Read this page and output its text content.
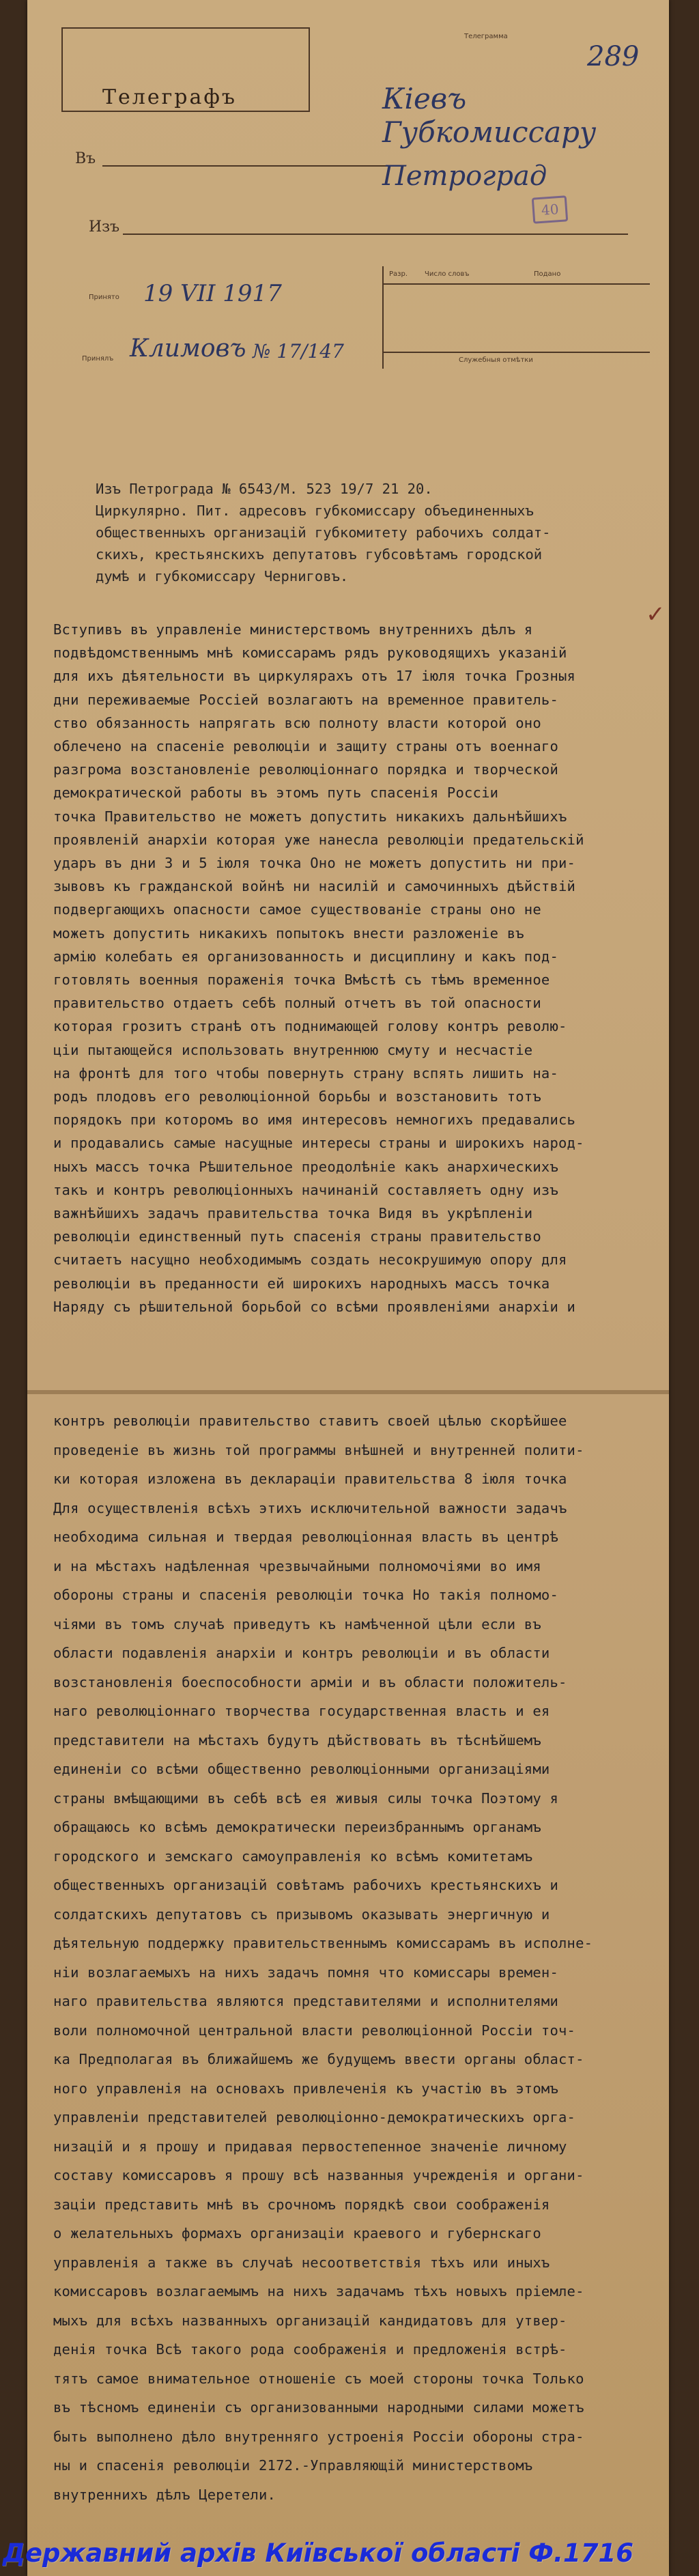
Телеграфъ
Телеграмма
289
Въ
Кiевъ Губкомиссару
Петроград
40
Изъ
Принято 19 VII 1917
Принялъ Климовъ № 17/147
Разр. Число словъ	Подано
Служебныя отмѣтки
Изъ Петрограда № 6543/М. 523 19/7 21 20.
Циркулярно. Пит. адресовъ губкомиссару объединенныхъ
общественныхъ организацiй губкомитету рабочихъ солдат-
скихъ, крестьянскихъ депутатовъ губсовѣтамъ городской
думѣ и губкомиссару Черниговъ.
✓
Вступивъ въ управленiе министерствомъ внутреннихъ дѣлъ я
подвѣдомственнымъ мнѣ комиссарамъ рядъ руководящихъ указанiй
для ихъ дѣятельности въ циркулярахъ отъ 17 iюля точка Грозныя
дни переживаемые Россiей возлагаютъ на временное правитель-
ство обязанность напрягать всю полноту власти которой оно
облечено на спасенiе революцiи и защиту страны отъ военнаго
разгрома возстановленiе революцiоннаго порядка и творческой
демократической работы въ этомъ путь спасенiя Россiи
точка Правительство не можетъ допустить никакихъ дальнѣйшихъ
проявленiй анархiи которая уже нанесла революцiи предательскiй
ударъ въ дни 3 и 5 iюля точка Оно не можетъ допустить ни при-
зывовъ къ гражданской войнѣ ни насилiй и самочинныхъ дѣйствiй
подвергающихъ опасности самое существованiе страны оно не
можетъ допустить никакихъ попытокъ внести разложенiе въ
армiю колебать ея организованность и дисциплину и какъ под-
готовлять военныя пораженiя точка Вмѣстѣ съ тѣмъ временное
правительство отдаетъ себѣ полный отчетъ въ той опасности
которая грозитъ странѣ отъ поднимающей голову контръ револю-
цiи пытающейся использовать внутреннюю смуту и несчастiе
на фронтѣ для того чтобы повернуть страну вспять лишить на-
родъ плодовъ его революцiонной борьбы и возстановить тотъ
порядокъ при которомъ во имя интересовъ немногихъ предавались
и продавались самые насущные интересы страны и широкихъ народ-
ныхъ массъ точка Рѣшительное преодолѣнiе какъ анархическихъ
такъ и контръ революцiонныхъ начинанiй составляетъ одну изъ
важнѣйшихъ задачъ правительства точка Видя въ укрѣпленiи
революцiи единственный путь спасенiя страны правительство
считаетъ насущно необходимымъ создать несокрушимую опору для
революцiи въ преданности ей широкихъ народныхъ массъ точка
Наряду съ рѣшительной борьбой со всѣми проявленiями анархiи и
контръ революцiи правительство ставитъ своей цѣлью скорѣйшее
проведенiе въ жизнь той программы внѣшней и внутренней полити-
ки которая изложена въ декларацiи правительства 8 iюля точка
Для осуществленiя всѣхъ этихъ исключительной важности задачъ
необходима сильная и твердая революцiонная власть въ центрѣ
и на мѣстахъ надѣленная чрезвычайными полномочiями во имя
обороны страны и спасенiя революцiи точка Но такiя полномо-
чiями въ томъ случаѣ приведутъ къ намѣченной цѣли если въ
области подавленiя анархiи и контръ революцiи и въ области
возстановленiя боеспособности армiи и въ области положитель-
наго революцiоннаго творчества государственная власть и ея
представители на мѣстахъ будутъ дѣйствовать въ тѣснѣйшемъ
единенiи со всѣми общественно революцiонными организацiями
страны вмѣщающими въ себѣ всѣ ея живыя силы точка Поэтому я
обращаюсь ко всѣмъ демократически переизбраннымъ органамъ
городского и земскаго самоуправленiя ко всѣмъ комитетамъ
общественныхъ организацiй совѣтамъ рабочихъ крестьянскихъ и
солдатскихъ депутатовъ съ призывомъ оказывать энергичную и
дѣятельную поддержку правительственнымъ комиссарамъ въ исполне-
нiи возлагаемыхъ на нихъ задачъ помня что комиссары времен-
наго правительства являются представителями и исполнителями
воли полномочной центральной власти революцiонной Россiи точ-
ка Предполагая въ ближайшемъ же будущемъ ввести органы област-
ного управленiя на основахъ привлеченiя къ участiю въ этомъ
управленiи представителей революцiонно-демократическихъ орга-
низацiй и я прошу и придавая первостепенное значенiе личному
составу комиссаровъ я прошу всѣ названныя учрежденiя и органи-
зацiи представить мнѣ въ срочномъ порядкѣ свои соображенiя
о желательныхъ формахъ организацiи краевого и губернскаго
управленiя а также въ случаѣ несоответствiя тѣхъ или иныхъ
комиссаровъ возлагаемымъ на нихъ задачамъ тѣхъ новыхъ прiемле-
мыхъ для всѣхъ названныхъ организацiй кандидатовъ для утвер-
денiя точка Всѣ такого рода соображенiя и предложенiя встрѣ-
тятъ самое внимательное отношенiе съ моей стороны точка Только
въ тѣсномъ единенiи съ организованными народными силами можетъ
быть выполнено дѣло внутренняго устроенiя Россiи обороны стра-
ны и спасенiя революцiи 2172.-Управляющiй министерствомъ
внутреннихъ дѣлъ Церетели.
Державний архів Київської області Ф.1716
